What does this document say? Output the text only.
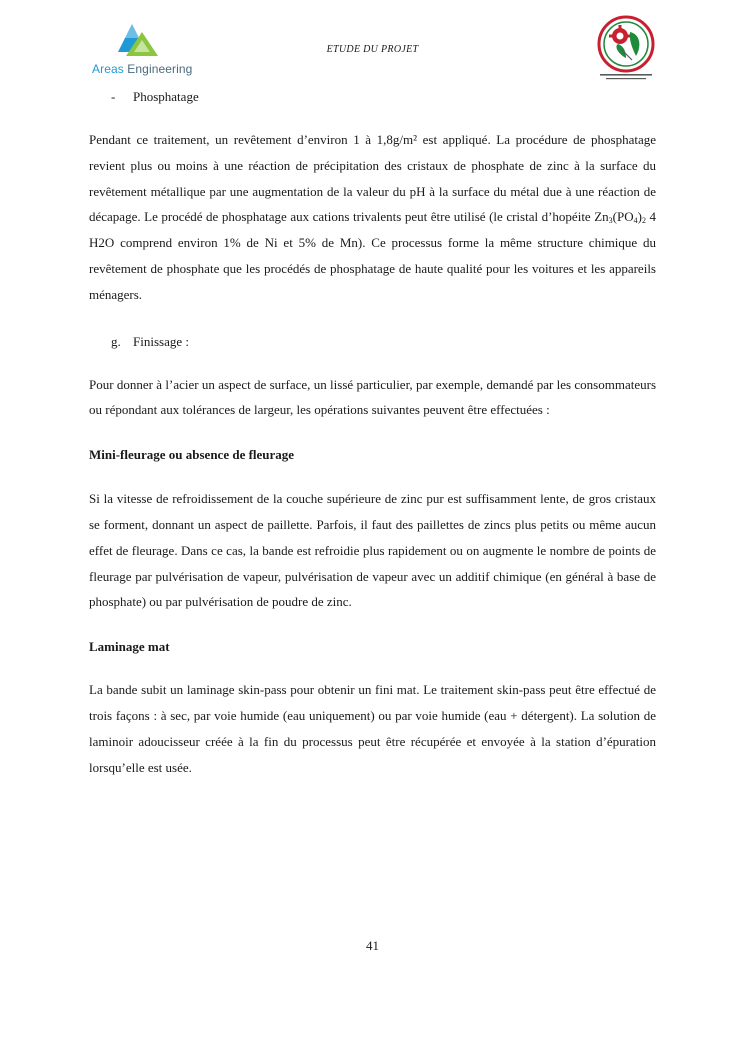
Areas Engineering
ETUDE DU PROJET
- Phosphatage

Pendant ce traitement, un revêtement d’environ 1 à 1,8g/m² est appliqué. La procédure de phosphatage revient plus ou moins à une réaction de précipitation des cristaux de phosphate de zinc à la surface du revêtement métallique par une augmentation de la valeur du pH à la surface du métal due à une réaction de décapage. Le procédé de phosphatage aux cations trivalents peut être utilisé (le cristal d’hopéite $Zn_3(PO_4)_2$ 4 H2O comprend environ 1% de Ni et 5% de Mn). Ce processus forme la même structure chimique du revêtement de phosphate que les procédés de phosphatage de haute qualité pour les voitures et les appareils ménagers.

g. Finissage :

Pour donner à l’acier un aspect de surface, un lissé particulier, par exemple, demandé par les consommateurs ou répondant aux tolérances de largeur, les opérations suivantes peuvent être effectuées :

Mini-fleurage ou absence de fleurage

Si la vitesse de refroidissement de la couche supérieure de zinc pur est suffisamment lente, de gros cristaux se forment, donnant un aspect de paillette. Parfois, il faut des paillettes de zincs plus petits ou même aucun effet de fleurage. Dans ce cas, la bande est refroidie plus rapidement ou on augmente le nombre de points de fleurage par pulvérisation de vapeur, pulvérisation de vapeur avec un additif chimique (en général à base de phosphate) ou par pulvérisation de poudre de zinc.

Laminage mat

La bande subit un laminage skin-pass pour obtenir un fini mat. Le traitement skin-pass peut être effectué de trois façons : à sec, par voie humide (eau uniquement) ou par voie humide (eau + détergent). La solution de laminoir adoucisseur créée à la fin du processus peut être récupérée et envoyée à la station d’épuration lorsqu’elle est usée.

41
